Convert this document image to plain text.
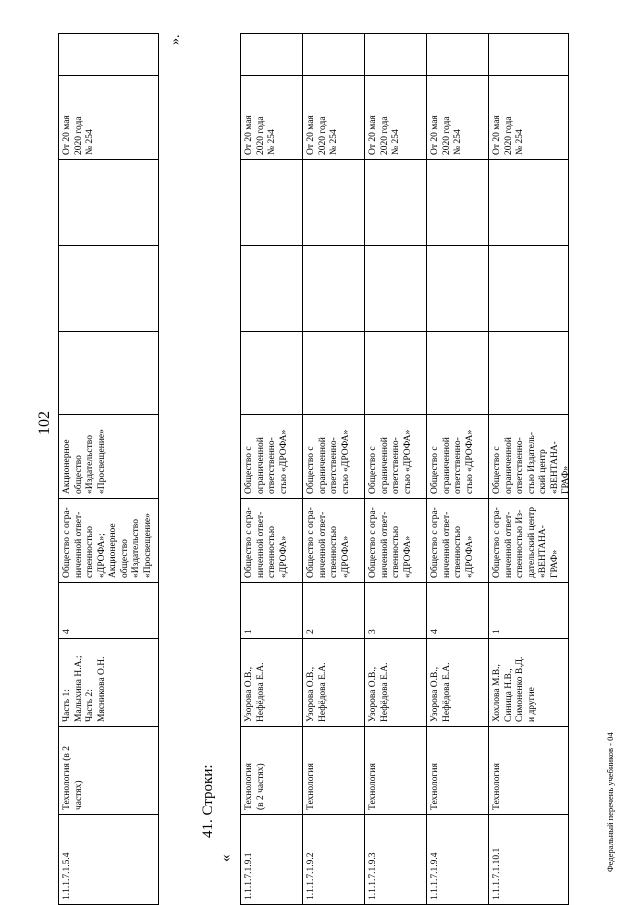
102
1.1.1.7.1.5.4
Технология (в 2
частях)
Часть 1:
Малыхина Н.А.;
Часть 2:
Мясникова О.Н.
4
Общество с огра-
ниченной ответ-
ственностью
«ДРОФА»;
Акционерное
общество
«Издательство
«Просвещение»
Акционерное
общество
«Издательство
«Просвещение»
От 20 мая
2020 года
№ 254
».
41. Строки:
«	1.1.1.7.1.9.1
Технология
(в 2 частях)
Узорова О.В.,
Нефёдова Е.А.
1
Общество с огра-
ниченной ответ-
ственностью
«ДРОФА»
Общество с
ограниченной
ответственно-
стью «ДРОФА»
От 20 мая
2020 года
№ 254
1.1.1.7.1.9.2
Технология
Узорова О.В.,
Нефёдова Е.А.
2
Общество с огра-
ниченной ответ-
ственностью
«ДРОФА»
Общество с
ограниченной
ответственно-
стью «ДРОФА»
От 20 мая
2020 года
№ 254
1.1.1.7.1.9.3
Технология
Узорова О.В.,
Нефёдова Е.А.
3
Общество с огра-
ниченной ответ-
ственностью
«ДРОФА»
Общество с
ограниченной
ответственно-
стью «ДРОФА»
От 20 мая
2020 года
№ 254
1.1.1.7.1.9.4
Технология
Узорова О.В.,
Нефёдова Е.А.
4
Общество с огра-
ниченной ответ-
ственностью
«ДРОФА»
Общество с
ограниченной
ответственно-
стью «ДРОФА»
От 20 мая
2020 года
№ 254
1.1.1.7.1.10.1
Технология
Хохлова М.В.,
Синица Н.В.,
Симоненко В.Д.
и другие
1
Общество с огра-
ниченной ответ-
ственностью Из-
дательский центр
«ВЕНТАНА-
ГРАФ»
Общество с
ограниченной
ответственно-
стью Издатель-
ский центр
«ВЕНТАНА-
ГРАФ»
От 20 мая
2020 года
№ 254
Федеральный перечень учебников - 04
